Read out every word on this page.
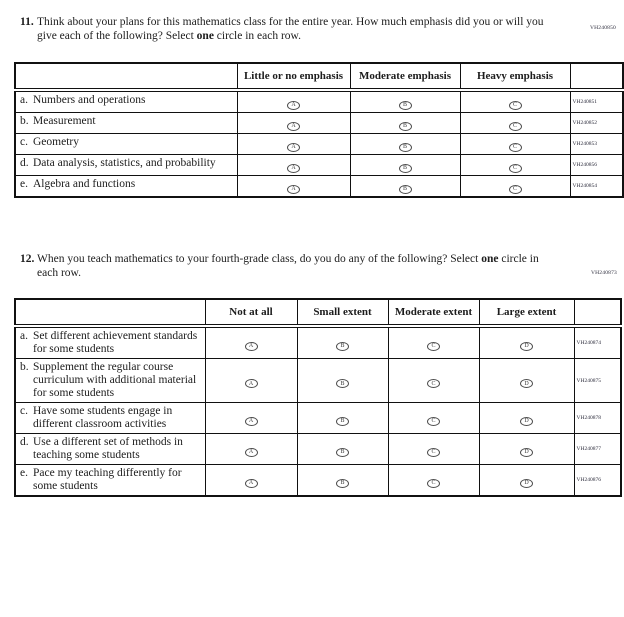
VH240850
VH240873
11. Think about your plans for this mathematics class for the entire year. How much emphasis did you or will you give each of the following? Select one circle in each row.
	Little or no emphasis	Moderate emphasis	Heavy emphasis	

a. Numbers and operations	A	B	C	VH240851

b. Measurement	A	B	C	VH240852

c. Geometry	A	B	C	VH240853

d. Data analysis, statistics, and probability	A	B	C	VH240856

e. Algebra and functions	A	B	C	VH240854
12. When you teach mathematics to your fourth-grade class, do you do any of the following? Select one circle in each row.
	Not at all	Small extent	Moderate extent	Large extent	

a. Set different achievement standards for some students	A	B	C	D	VH240874

b. Supplement the regular course curriculum with additional material for some students	A	B	C	D	VH240875

c. Have some students engage in different classroom activities	A	B	C	D	VH240878

d. Use a different set of methods in teaching some students	A	B	C	D	VH240877

e. Pace my teaching differently for some students	A	B	C	D	VH240876
